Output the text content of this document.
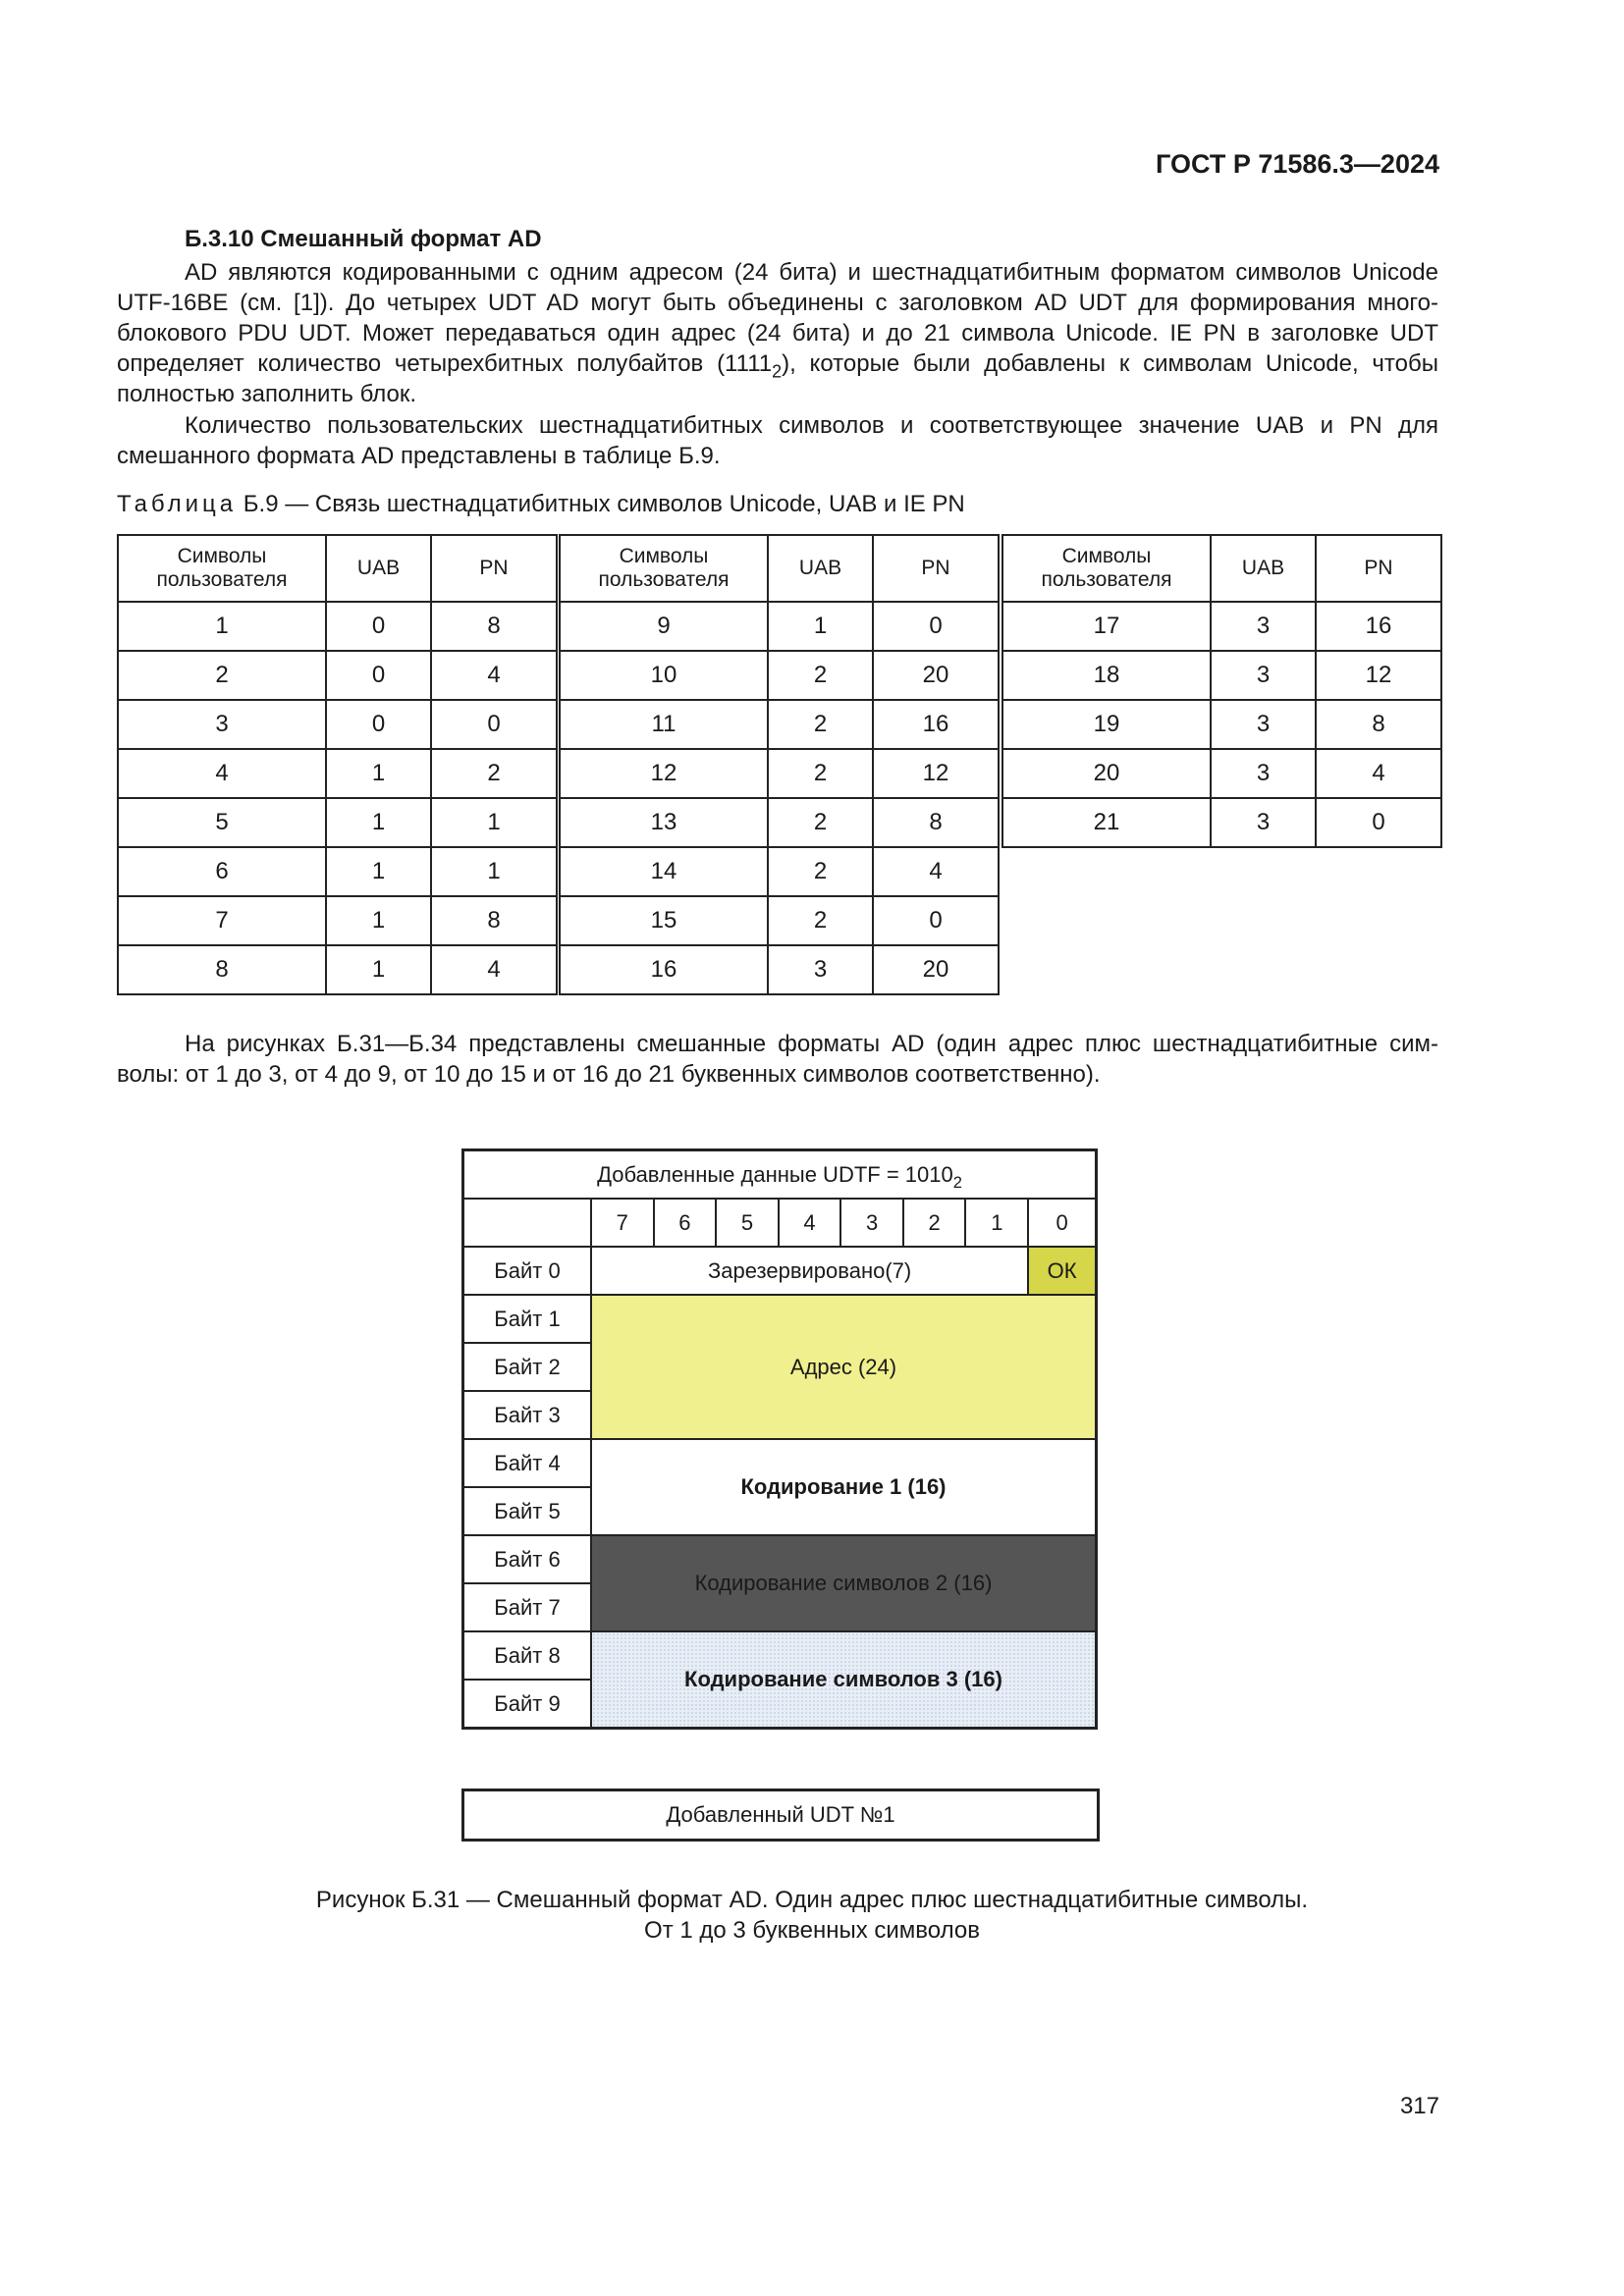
ГОСТ Р 71586.3—2024
Б.3.10 Смешанный формат AD

AD являются кодированными с одним адресом (24 бита) и шестнадцатибитным форматом символов Unicode UTF-16BE (см. [1]). До четырех UDT AD могут быть объединены с заголовком AD UDT для формирования много-блокового PDU UDT. Может передаваться один адрес (24 бита) и до 21 символа Unicode. IE PN в заголовке UDT определяет количество четырехбитных полубайтов $(1111_2)$, которые были добавлены к символам Unicode, чтобы полностью заполнить блок.

Количество пользовательских шестнадцатибитных символов и соответствующее значение UAB и PN для смешанного формата AD представлены в таблице Б.9.

Таблица Б.9 — Связь шестнадцатибитных символов Unicode, UAB и IE PN
Символы пользователя	UAB	PN
1	0	8
2	0	4
3	0	0
4	1	2
5	1	1
6	1	1
7	1	8
8	1	4
Символы пользователя	UAB	PN
9	1	0
10	2	20
11	2	16
12	2	12
13	2	8
14	2	4
15	2	0
16	3	20
Символы пользователя	UAB	PN
17	3	16
18	3	12
19	3	8
20	3	4
21	3	0

На рисунках Б.31—Б.34 представлены смешанные форматы AD (один адрес плюс шестнадцатибитные сим-волы: от 1 до 3, от 4 до 9, от 10 до 15 и от 16 до 21 буквенных символов соответственно).

Добавленные данные UDTF = $1010_2$
	7	6	5	4	3	2	1	0
Байт 0	Зарезервировано(7)							ОК
Байт 1	Адрес (24)							
Байт 2								
Байт 3								
Байт 4	Кодирование 1 (16)							
Байт 5								
Байт 6	Кодирование символов 2 (16)							
Байт 7								
Байт 8	Кодирование символов 3 (16)							
Байт 9								
Добавленный UDT №1
Рисунок Б.31 — Смешанный формат AD. Один адрес плюс шестнадцатибитные символы.
От 1 до 3 буквенных символов
317
